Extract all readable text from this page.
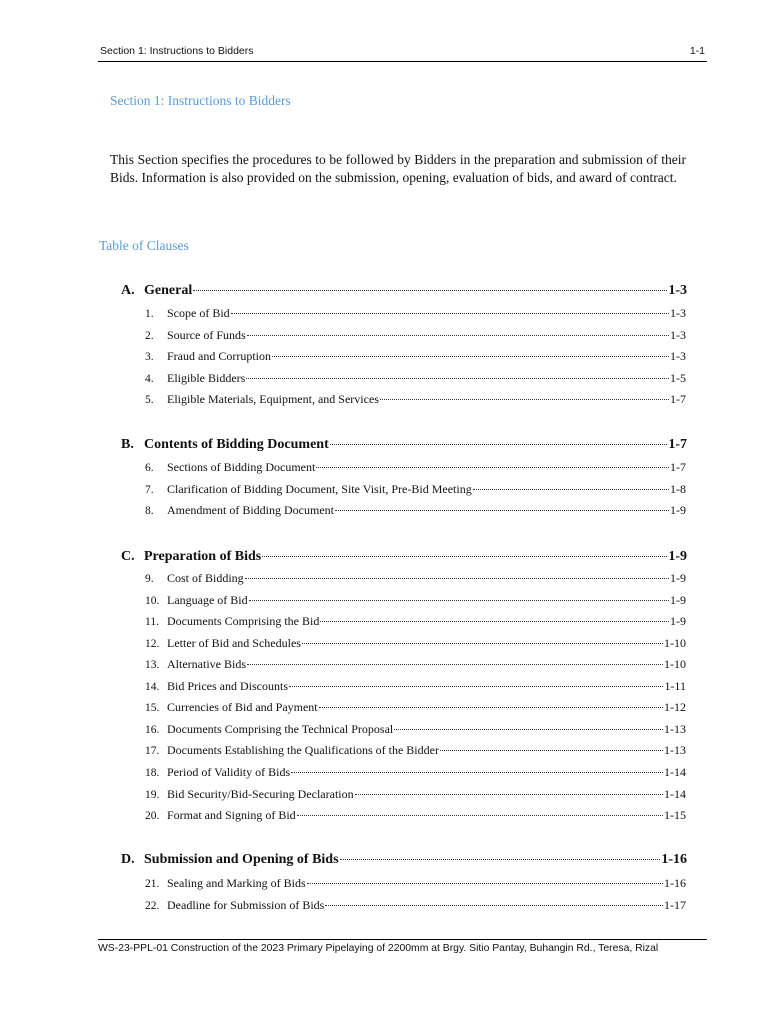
Section 1: Instructions to Bidders	1-1
Section 1: Instructions to Bidders

This Section specifies the procedures to be followed by Bidders in the preparation and submission of their Bids. Information is also provided on the submission, opening, evaluation of bids, and award of contract.

Table of Clauses
A. General	1-3
1.	Scope of Bid	1-3
2.	Source of Funds	1-3
3.	Fraud and Corruption	1-3
4.	Eligible Bidders	1-5
5.	Eligible Materials, Equipment, and Services	1-7
B. Contents of Bidding Document	1-7
6.	Sections of Bidding Document	1-7
7.	Clarification of Bidding Document, Site Visit, Pre-Bid Meeting	1-8
8.	Amendment of Bidding Document	1-9
C. Preparation of Bids	1-9
9.	Cost of Bidding	1-9
10. Language of Bid	1-9
11. Documents Comprising the Bid	1-9
12. Letter of Bid and Schedules	1-10
13. Alternative Bids	1-10
14. Bid Prices and Discounts	1-11
15. Currencies of Bid and Payment	1-12
16. Documents Comprising the Technical Proposal	1-13
17. Documents Establishing the Qualifications of the Bidder	1-13
18. Period of Validity of Bids	1-14
19. Bid Security/Bid-Securing Declaration	1-14
20. Format and Signing of Bid	1-15
D. Submission and Opening of Bids	1-16
21. Sealing and Marking of Bids	1-16
22. Deadline for Submission of Bids	1-17
WS-23-PPL-01 Construction of the 2023 Primary Pipelaying of 2200mm at Brgy. Sitio Pantay, Buhangin Rd., Teresa, Rizal
